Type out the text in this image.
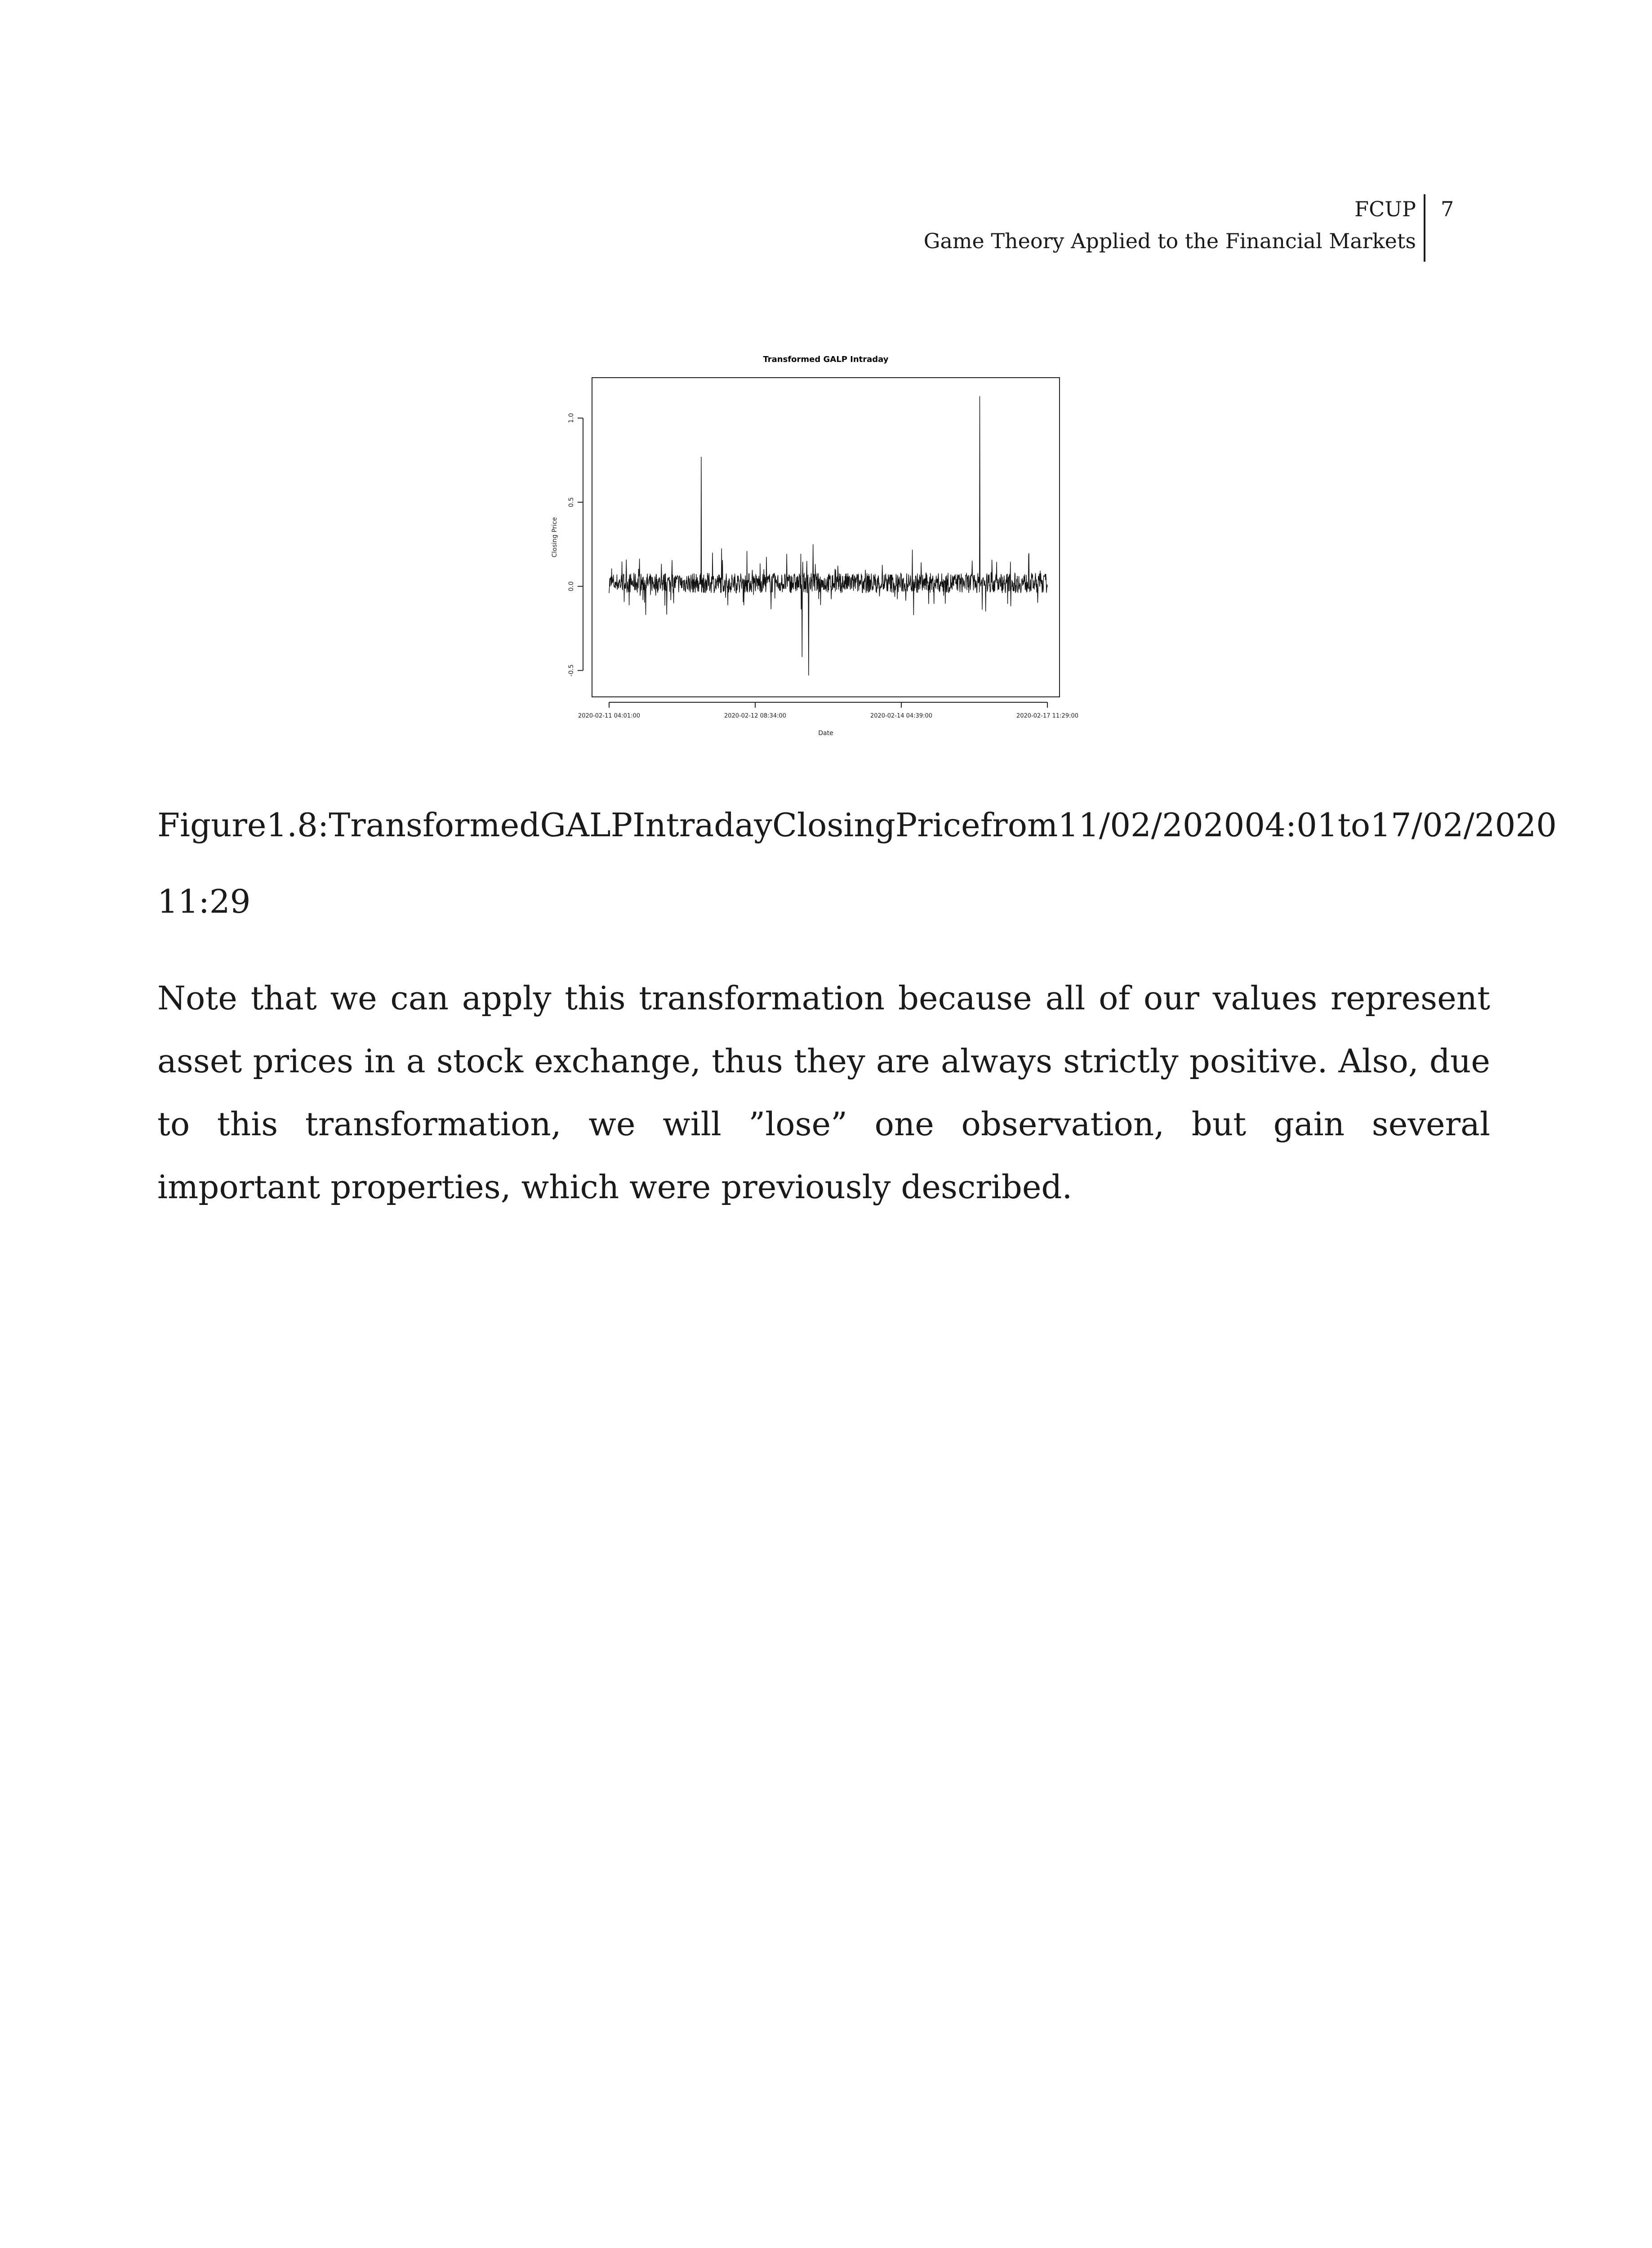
FCUP
Game Theory Applied to the Financial Markets
7
Transformed GALP Intraday
-0.5
0.0
0.5
1.0
2020-02-11 04:01:00	2020-02-12 08:34:00	2020-02-14 04:39:00	2020-02-17 11:29:00
Closing Price
Date
Figure 1.8: Transformed GALP Intraday Closing Price from 11/02/2020 04:01 to 17/02/2020
11:29
Note that we can apply this transformation because all of our values represent asset prices in a stock exchange, thus they are always strictly positive. Also, due to this transformation, we will ”lose” one observation, but gain several important properties, which were previously described.
